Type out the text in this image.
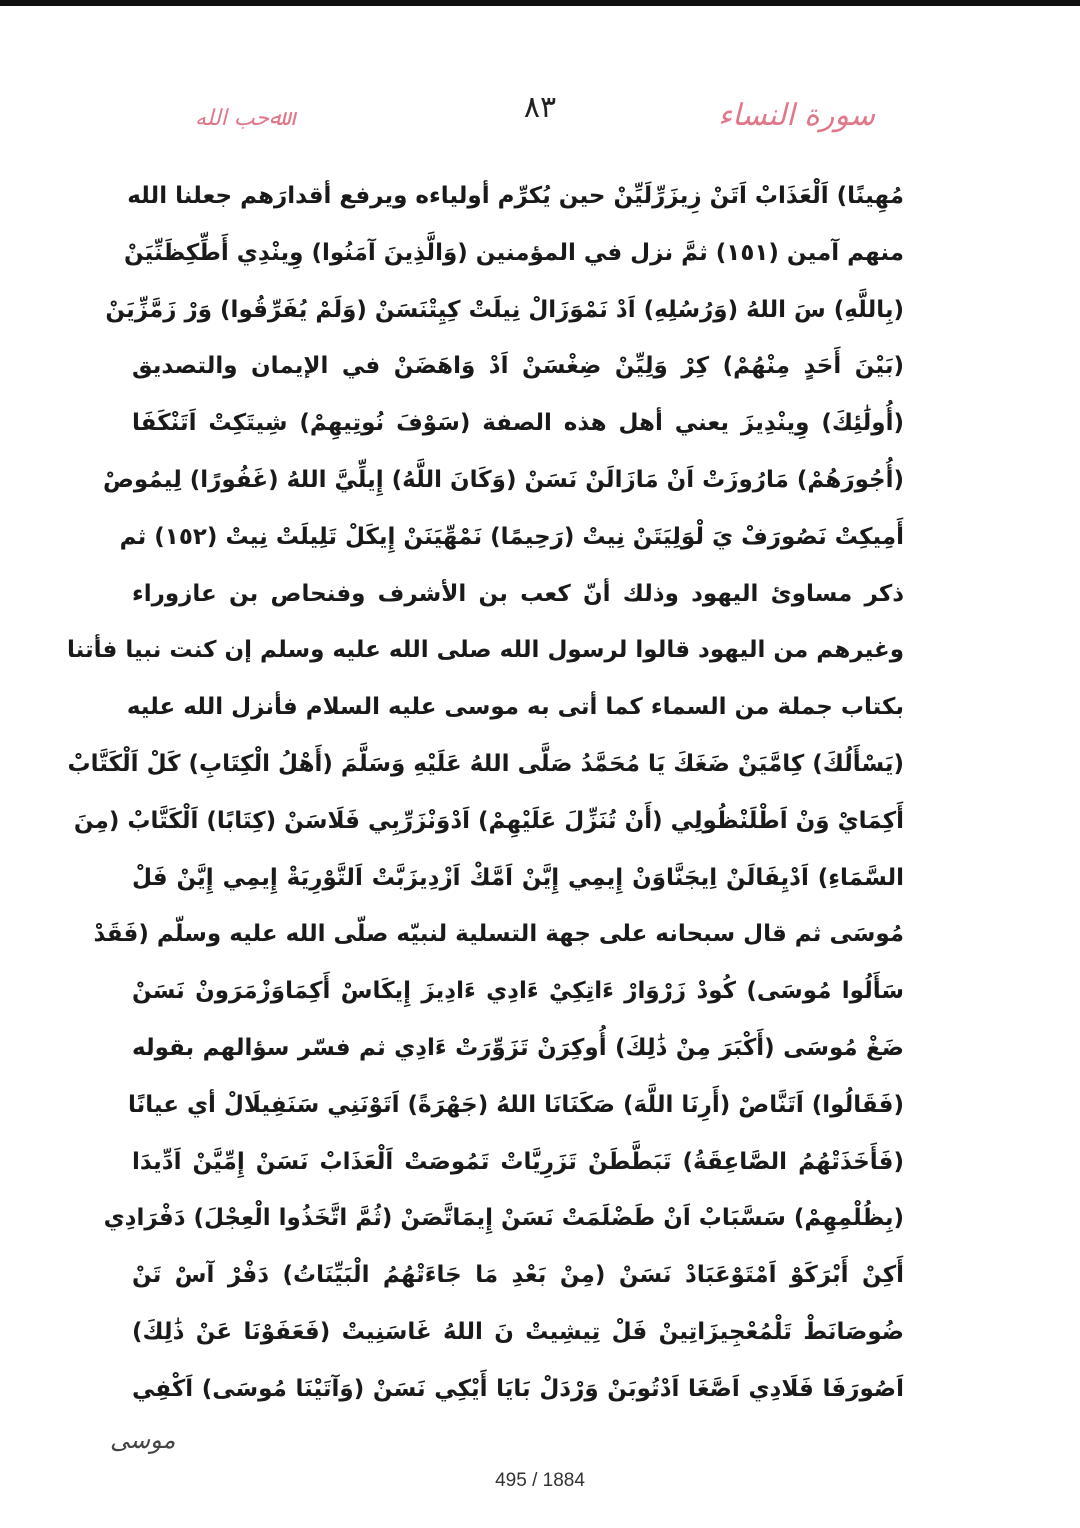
سورة النساء
٨٣
ﷲحب الله
مُهِينًا) اَلْعَذَابْ اَتَنْ زِيزَرِّلَيِّنْ حين يُكرِّم أولياءه ويرفع أقدارَهم جعلنا الله
منهم آمين (١٥١) ثمَّ نزل في المؤمنين (وَالَّذِينَ آمَنُوا) وِينْدِي أَطِّكِظَنِّيَنْ
(بِاللَّهِ) سَ اللهُ (وَرُسُلِهِ) اَدْ نَمْوَزَالْ نِيلَتْ كِيِتْنَسَنْ (وَلَمْ يُفَرِّقُوا) وَرْ زَمَّزِّيَنْ
(بَيْنَ أَحَدٍ مِنْهُمْ) كِرْ وَلِيِّنْ ضِغْسَنْ اَدْ وَاهَضَنْ في الإيمان والتصديق
(أُولَٰئِكَ) وِينْدِيزَ يعني أهل هذه الصفة (سَوْفَ نُوتِيهِمْ) شِيتَكِتْ اَتَنْكَفَا
(أُجُورَهُمْ) مَارُوزَتْ اَنْ مَازَالَنْ نَسَنْ (وَكَانَ اللَّهُ) إِيلِّيَّ اللهُ (غَفُورًا) لِيمُوصْ
أَمِيكِتْ نَصُورَفْ يَ لْوَلِيَتَنْ نِيتْ (رَحِيمًا) نَمْهِّيَنَنْ إِيكَلْ تَلِيلَتْ نِيتْ (١٥٢) ثم
ذكر مساوئ اليهود وذلك أنّ كعب بن الأشرف وفنحاص بن عازوراء
وغيرهم من اليهود قالوا لرسول الله صلى الله عليه وسلم إن كنت نبيا فأتنا
بكتاب جملة من السماء كما أتى به موسى عليه السلام فأنزل الله عليه
(يَسْأَلُكَ) كِامَّيَنْ ضَغَكَ يَا مُحَمَّدُ صَلَّى اللهُ عَلَيْهِ وَسَلَّمَ (أَهْلُ الْكِتَابِ) كَلْ اَلْكَتَّابْ
أَكِمَايْ وَنْ اَطْلَنْظُولِي (أَنْ تُنَزِّلَ عَلَيْهِمْ) اَدْوَنْزَرِّبِي فَلَاسَنْ (كِتَابًا) اَلْكَتَّابْ (مِنَ
السَّمَاءِ) اَدْيِفَالَنْ اِيجَنَّاوَنْ إِيمِي إِيَّنْ اَمَّكْ اَزْدِيزَبَّتْ اَلتَّوْرِيَةْ إِيمِي إِيَّنْ فَلْ
مُوسَى ثم قال سبحانه على جهة التسلية لنبيّه صلّى الله عليه وسلّم (فَقَدْ
سَأَلُوا مُوسَى) كُودْ زَرْوَارْ ءَاتِكِيْ ءَادِي ءَادِيزَ إِيكَاسْ أَكِمَاوَزْمَرَونْ نَسَنْ
ضَغْ مُوسَى (أَكْبَرَ مِنْ ذَٰلِكَ) أُوكِرَنْ تَزَوِّرَتْ ءَادِي ثم فسّر سؤالهم بقوله
(فَقَالُوا) اَتَنَّاصْ (أَرِنَا اللَّهَ) صَكَنَانَا اللهُ (جَهْرَةً) اَتَوْنَنِي سَنَفِيلَالْ أي عيانًا
(فَأَخَذَتْهُمُ الصَّاعِقَةُ) تَبَطَّطَنْ تَزَرِيَّاتْ تَمُوصَتْ اَلْعَذَابْ نَسَنْ إِمِّيَّنْ اَدِّيدَا
(بِظُلْمِهِمْ) سَسَّبَابْ اَنْ طَضْلَمَتْ نَسَنْ إِيمَاتَّصَنْ (ثُمَّ اتَّخَذُوا الْعِجْلَ) دَفْرَادِي
أَكِنْ أَبْرَكَوْ اَمْتَوْعَبَادْ نَسَنْ (مِنْ بَعْدِ مَا جَاءَتْهُمُ الْبَيِّنَاتُ) دَفْرْ آسْ تَنْ
ضُوصَانَطْ تَلْمُعْجِيزَاتِينْ فَلْ تِيشِيتْ نَ اللهُ غَاسَنِيتْ (فَعَفَوْنَا عَنْ ذَٰلِكَ)
اَصُورَفَا فَلَادِي اَصَّغَا اَدْتُوبَنْ وَرْدَلْ بَايَا أَيْكِي نَسَنْ (وَآتَيْنَا مُوسَى) اَكْفِي
موسى
495 / 1884
